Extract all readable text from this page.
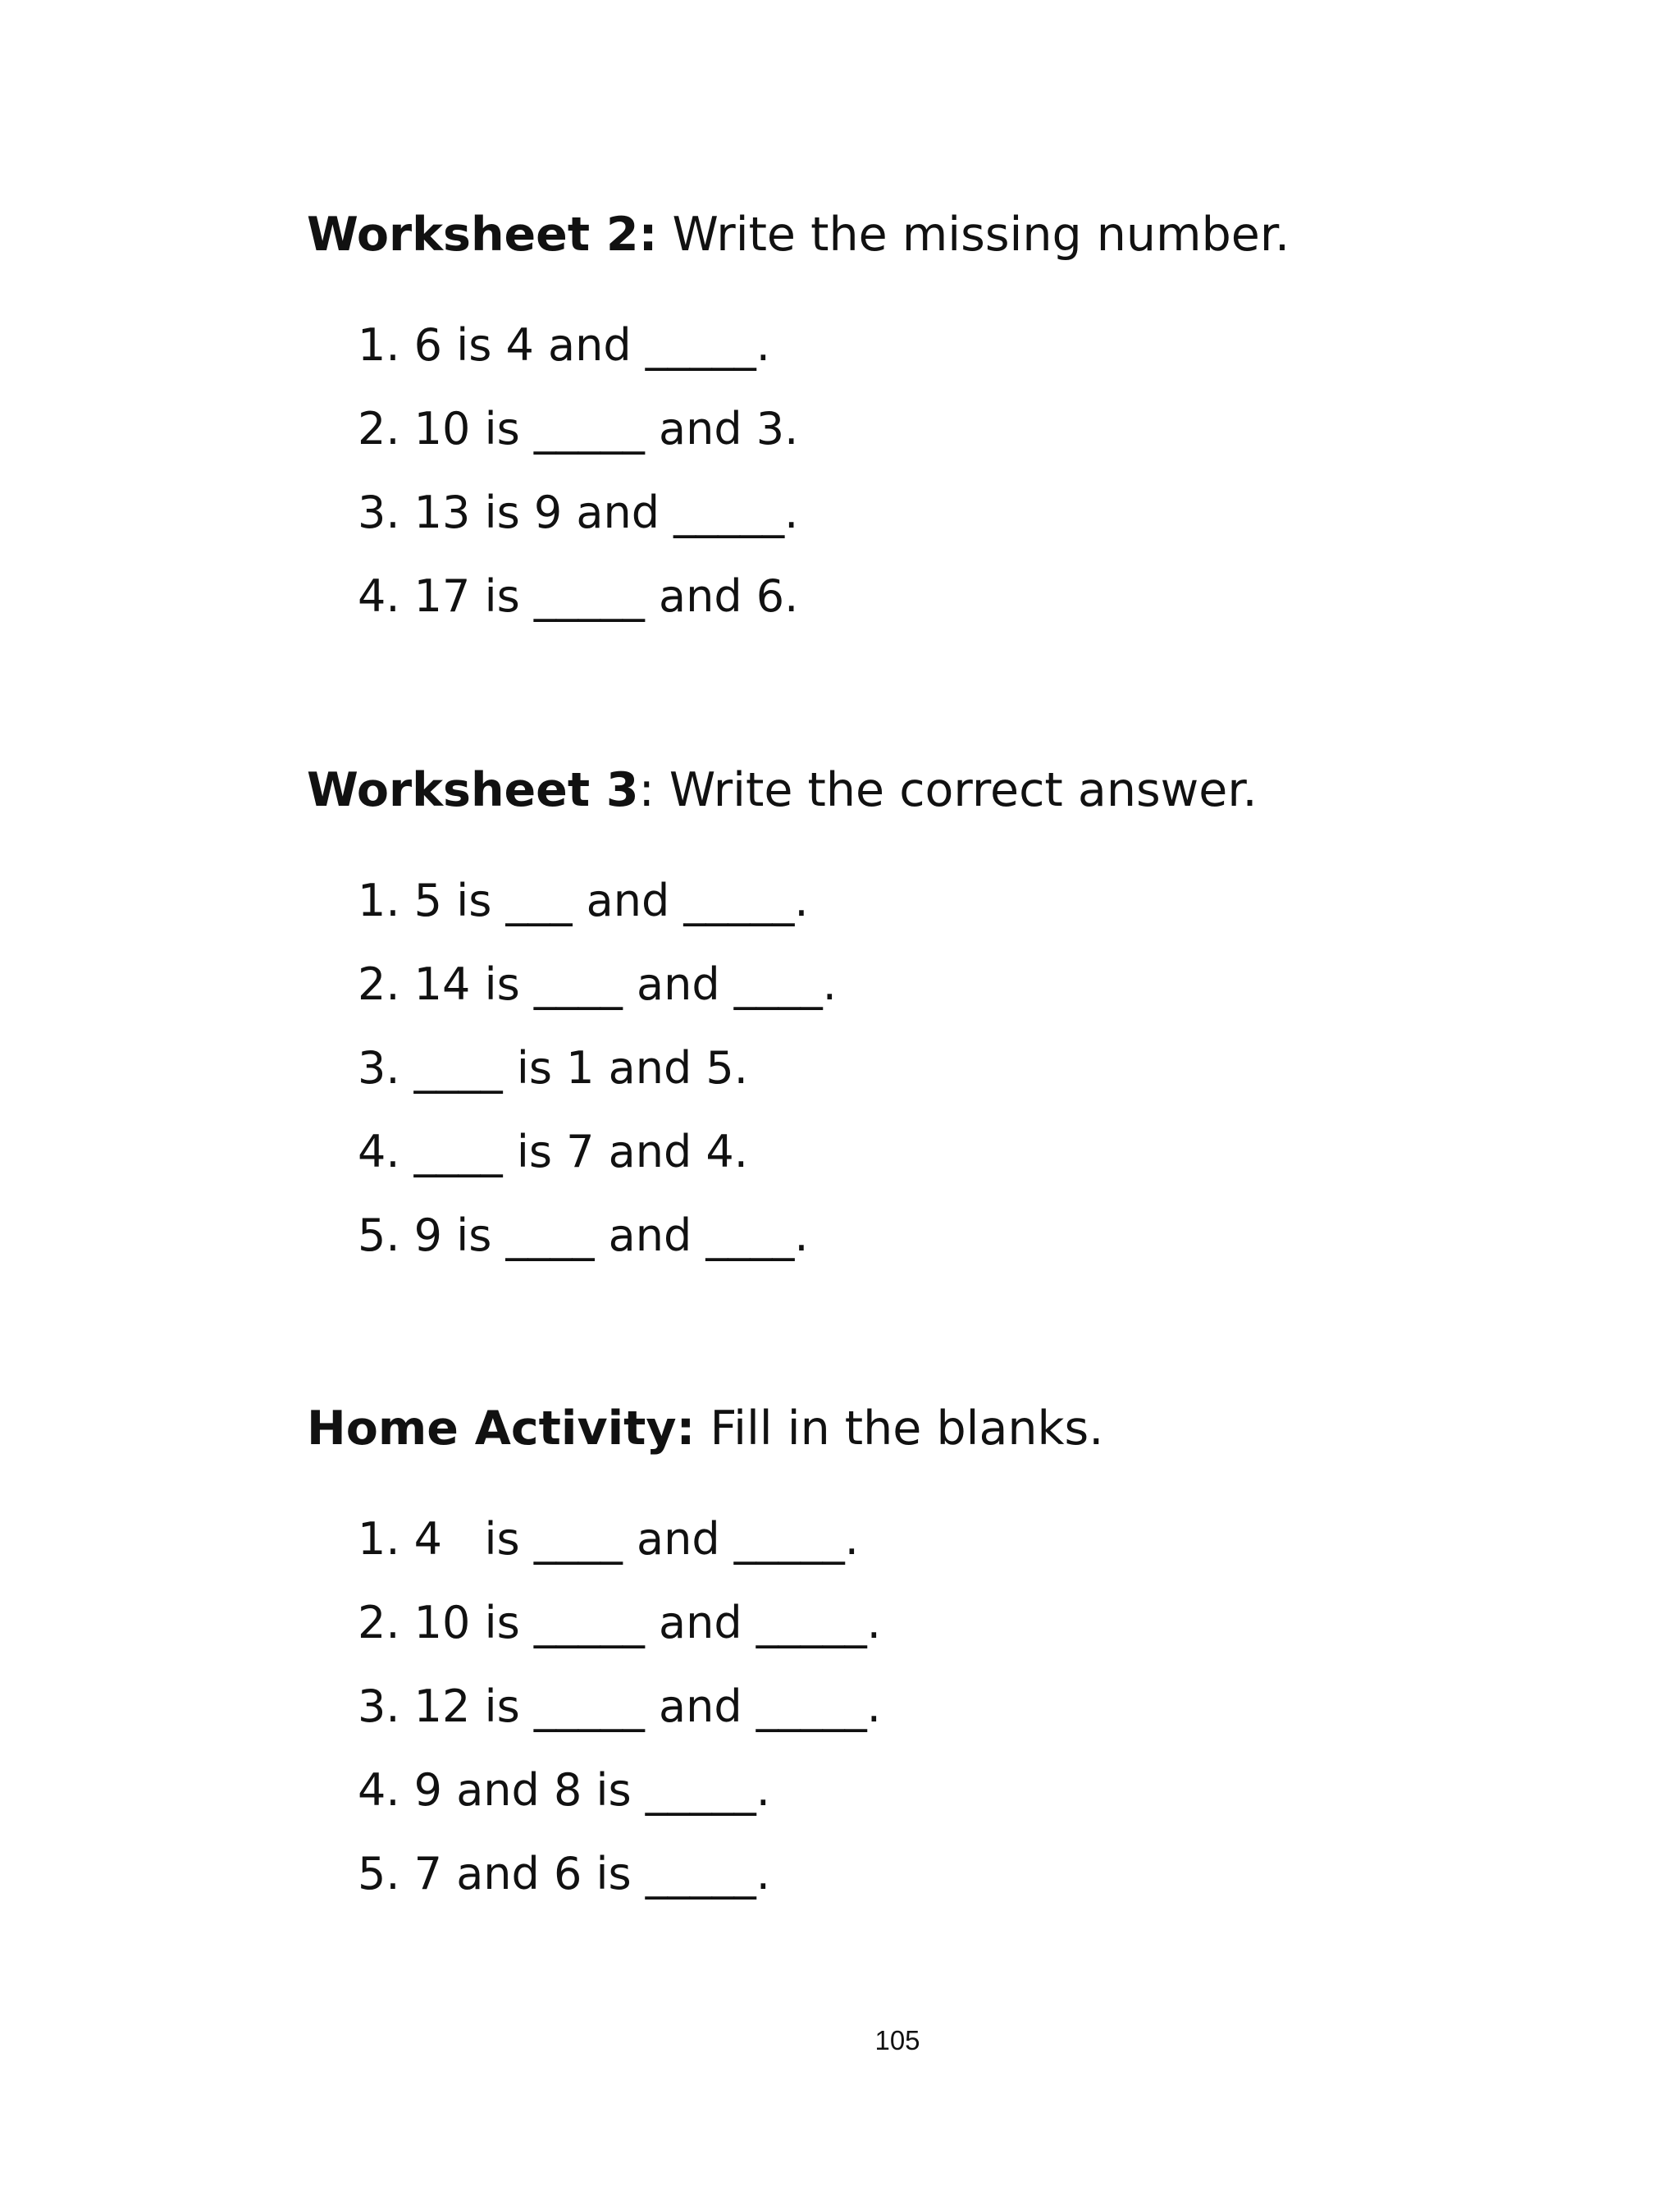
Worksheet 2: Write the missing number.
1. 6 is 4 and _____.
2. 10 is _____ and 3.
3. 13 is 9 and _____.
4. 17 is _____ and 6.
Worksheet 3: Write the correct answer.
1. 5 is ___ and _____.
2. 14 is ____ and ____.
3. ____ is 1 and 5.
4. ____ is 7 and 4.
5. 9 is ____ and ____.
Home Activity: Fill in the blanks.
1. 4   is ____ and _____.
2. 10 is _____ and _____.
3. 12 is _____ and _____.
4. 9 and 8 is _____.
5. 7 and 6 is _____.
105
